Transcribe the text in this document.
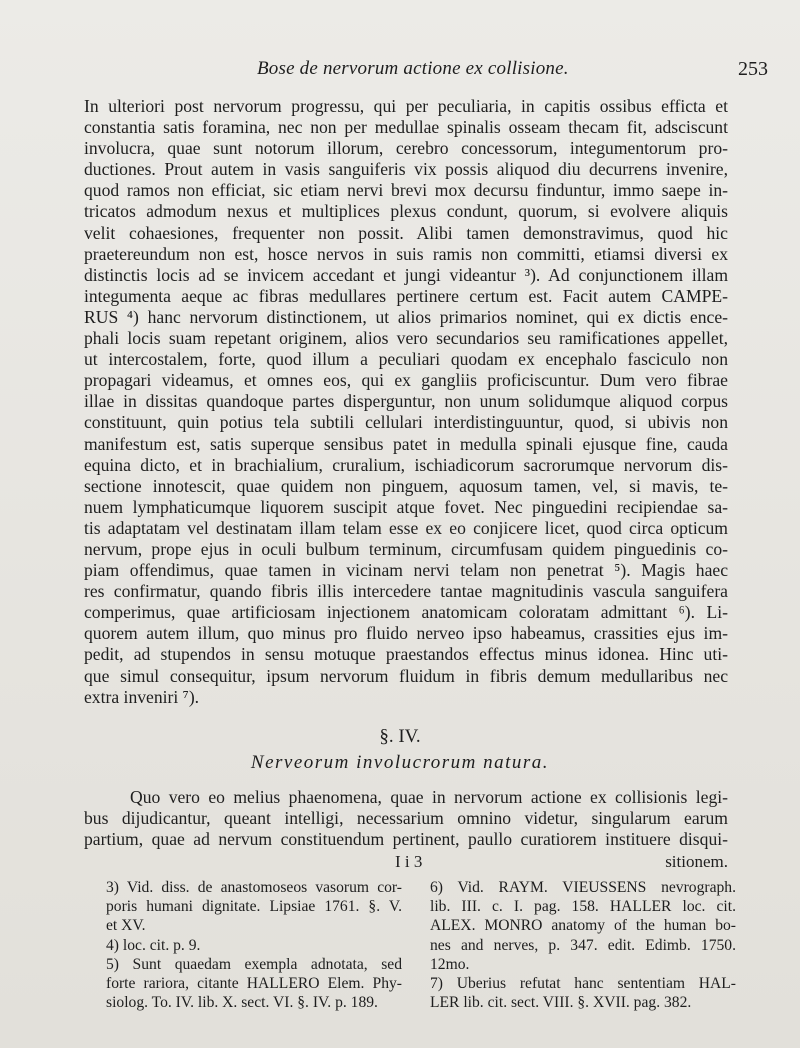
Bose de nervorum actione ex collisione.	253
In ulteriori post nervorum progressu, qui per peculiaria, in capitis ossibus efficta et
constantia satis foramina, nec non per medullae spinalis osseam thecam fit, adsciscunt
involucra, quae sunt notorum illorum, cerebro concessorum, integumentorum pro-
ductiones. Prout autem in vasis sanguiferis vix possis aliquod diu decurrens invenire,
quod ramos non efficiat, sic etiam nervi brevi mox decursu finduntur, immo saepe in-
tricatos admodum nexus et multiplices plexus condunt, quorum, si evolvere aliquis
velit cohaesiones, frequenter non possit. Alibi tamen demonstravimus, quod hic
praetereundum non est, hosce nervos in suis ramis non committi, etiamsi diversi ex
distinctis locis ad se invicem accedant et jungi videantur ³). Ad conjunctionem illam
integumenta aeque ac fibras medullares pertinere certum est. Facit autem CAMPE-
RUS ⁴) hanc nervorum distinctionem, ut alios primarios nominet, qui ex dictis ence-
phali locis suam repetant originem, alios vero secundarios seu ramificationes appellet,
ut intercostalem, forte, quod illum a peculiari quodam ex encephalo fasciculo non
propagari videamus, et omnes eos, qui ex gangliis proficiscuntur. Dum vero fibrae
illae in dissitas quandoque partes disperguntur, non unum solidumque aliquod corpus
constituunt, quin potius tela subtili cellulari interdistinguuntur, quod, si ubivis non
manifestum est, satis superque sensibus patet in medulla spinali ejusque fine, cauda
equina dicto, et in brachialium, cruralium, ischiadicorum sacrorumque nervorum dis-
sectione innotescit, quae quidem non pinguem, aquosum tamen, vel, si mavis, te-
nuem lymphaticumque liquorem suscipit atque fovet. Nec pinguedini recipiendae sa-
tis adaptatam vel destinatam illam telam esse ex eo conjicere licet, quod circa opticum
nervum, prope ejus in oculi bulbum terminum, circumfusam quidem pinguedinis co-
piam offendimus, quae tamen in vicinam nervi telam non penetrat ⁵). Magis haec
res confirmatur, quando fibris illis intercedere tantae magnitudinis vascula sanguifera
comperimus, quae artificiosam injectionem anatomicam coloratam admittant ⁶). Li-
quorem autem illum, quo minus pro fluido nerveo ipso habeamus, crassities ejus im-
pedit, ad stupendos in sensu motuque praestandos effectus minus idonea. Hinc uti-
que simul consequitur, ipsum nervorum fluidum in fibris demum medullaribus nec
extra inveniri ⁷).
§. IV.
Nerveorum involucrorum natura.
Quo vero eo melius phaenomena, quae in nervorum actione ex collisionis legi-
bus dijudicantur, queant intelligi, necessarium omnino videtur, singularum earum
partium, quae ad nervum constituendum pertinent, paullo curatiorem instituere disqui-
I i 3	sitionem.
3) Vid. diss. de anastomoseos vasorum cor-
poris humani dignitate. Lipsiae 1761. §. V.
et XV.
4) loc. cit. p. 9.
5) Sunt quaedam exempla adnotata, sed
forte rariora, citante HALLERO Elem. Phy-
siolog. To. IV. lib. X. sect. VI. §. IV. p. 189.
6) Vid. RAYM. VIEUSSENS nevrograph.
lib. III. c. I. pag. 158. HALLER loc. cit.
ALEX. MONRO anatomy of the human bo-
nes and nerves, p. 347. edit. Edimb. 1750.
12mo.
7) Uberius refutat hanc sententiam HAL-
LER lib. cit. sect. VIII. §. XVII. pag. 382.
